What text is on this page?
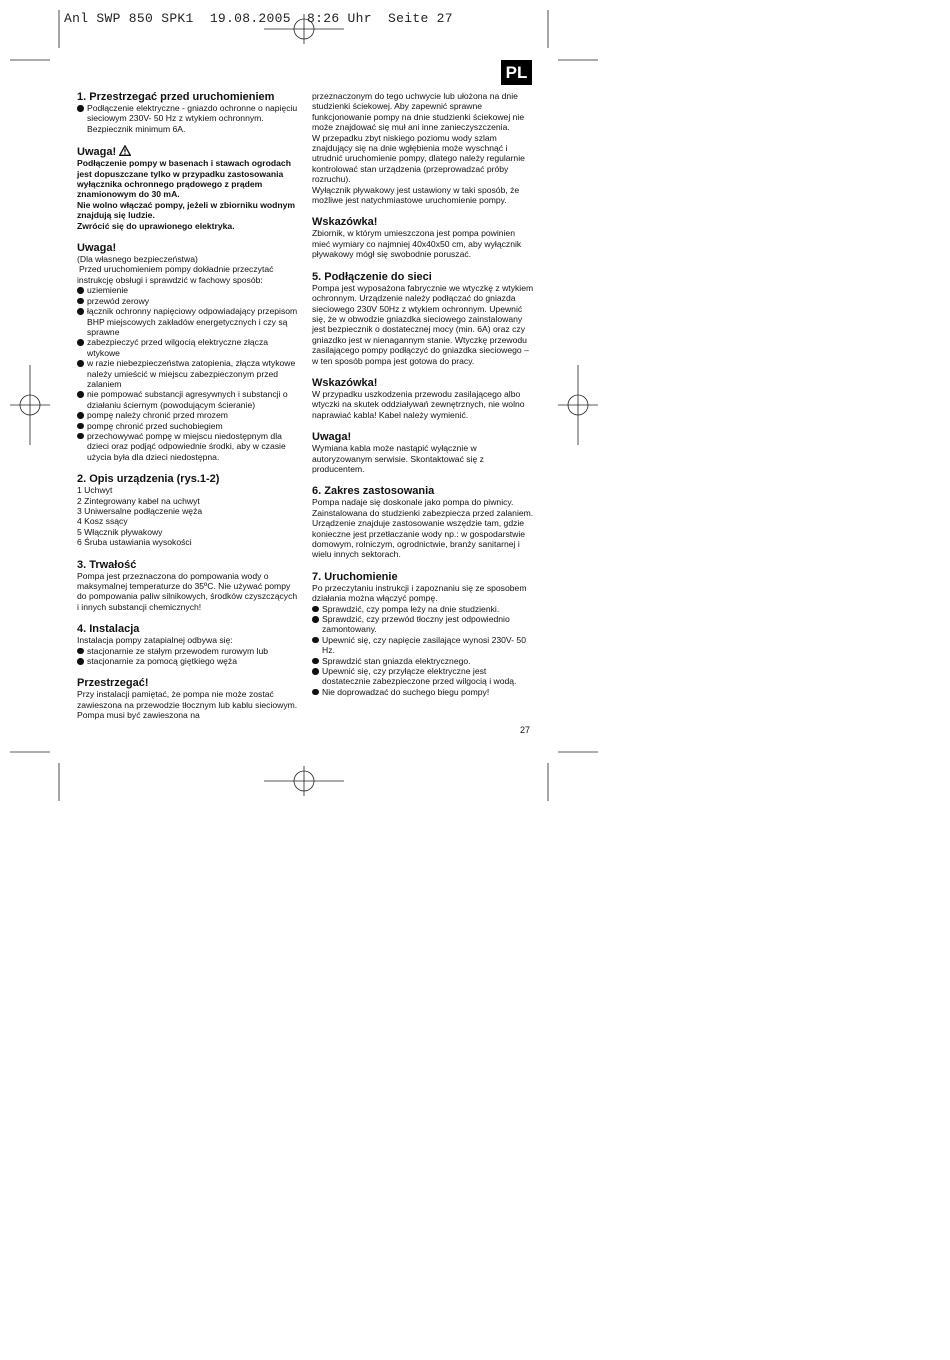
Anl SWP 850 SPK1  19.08.2005  8:26 Uhr  Seite 27
PL
1. Przestrzegać przed uruchomieniem
Podłączenie elektryczne - gniazdo ochronne o napięciu sieciowym 230V- 50 Hz z wtykiem ochronnym. Bezpiecznik minimum 6A.
Uwaga!

Podłączenie pompy w basenach i stawach ogrodach jest dopuszczane tylko w przypadku zastosowania wyłącznika ochronnego prądowego z prądem znamionowym do 30 mA.

Nie wolno włączać pompy, jeżeli w zbiorniku wodnym znajdują się ludzie.

Zwrócić się do uprawionego elektryka.

Uwaga!

(Dla własnego bezpieczeństwa)

Przed uruchomieniem pompy dokładnie przeczytać instrukcję obsługi i sprawdzić w fachowy sposób:

uziemienie
przewód zerowy
łącznik ochronny napięciowy odpowiadający przepisom BHP miejscowych zakładów energetycznych i czy są sprawne
zabezpieczyć przed wilgocią elektryczne złącza wtykowe
w razie niebezpieczeństwa zatopienia, złącza wtykowe należy umieścić w miejscu zabezpieczonym przed zalaniem
nie pompować substancji agresywnych i substancji o działaniu ściernym (powodującym ścieranie)
pompę należy chronić przed mrozem
pompę chronić przed suchobiegiem
przechowywać pompę w miejscu niedostępnym dla dzieci oraz podjąć odpowiednie środki, aby w czasie użycia była dla dzieci niedostępna.
2. Opis urządzenia (rys.1-2)

1 Uchwyt

2 Zintegrowany kabel na uchwyt

3 Uniwersalne podłączenie węża

4 Kosz ssący

5 Włącznik pływakowy

6 Śruba ustawiania wysokości

3. Trwałość

Pompa jest przeznaczona do pompowania wody o maksymalnej temperaturze do 35ºC. Nie używać pompy do pompowania paliw silnikowych, środków czyszczących i innych substancji chemicznych!

4. Instalacja

Instalacja pompy zatapialnej odbywa się:

stacjonarnie ze stałym przewodem rurowym lub
stacjonarnie za pomocą giętkiego węża
Przestrzegać!

Przy instalacji pamiętać, że pompa nie może zostać zawieszona na przewodzie tłocznym lub kablu sieciowym. Pompa musi być zawieszona na

przeznaczonym do tego uchwycie lub ułożona na dnie studzienki ściekowej. Aby zapewnić sprawne funkcjonowanie pompy na dnie studzienki ściekowej nie może znajdować się muł ani inne zanieczyszczenia.

W przepadku zbyt niskiego poziomu wody szlam znajdujący się na dnie wgłębienia może wyschnąć i utrudnić uruchomienie pompy, dlatego należy regularnie kontrolować stan urządzenia (przeprowadzać próby rozruchu).

Wyłącznik pływakowy jest ustawiony w taki sposób, że możliwe jest natychmiastowe uruchomienie pompy.

Wskazówka!

Zbiornik, w którym umieszczona jest pompa powinien mieć wymiary co najmniej 40x40x50 cm, aby wyłącznik pływakowy mógł się swobodnie poruszać.

5. Podłączenie do sieci

Pompa jest wyposażona fabrycznie we wtyczkę z wtykiem ochronnym. Urządzenie należy podłączać do gniazda sieciowego 230V 50Hz z wtykiem ochronnym. Upewnić się, że w obwodzie gniazdka sieciowego zainstalowany jest bezpiecznik o dostatecznej mocy (min. 6A) oraz czy gniazdko jest w nienagannym stanie. Wtyczkę przewodu zasilającego pompy podłączyć do gniazdka sieciowego – w ten sposób pompa jest gotowa do pracy.

Wskazówka!

W przypadku uszkodzenia przewodu zasilającego albo wtyczki na skutek oddziaływań zewnętrznych, nie wolno naprawiać kabla! Kabel należy wymienić.

Uwaga!

Wymiana kabla może nastąpić wyłącznie w autoryzowanym serwisie. Skontaktować się z producentem.

6. Zakres zastosowania

Pompa nadaje się doskonale jako pompa do piwnicy. Zainstalowana do studzienki zabezpiecza przed zalaniem. Urządzenie znajduje zastosowanie wszędzie tam, gdzie konieczne jest przetłaczanie wody np.: w gospodarstwie domowym, rolniczym, ogrodnictwie, branży sanitarnej i wielu innych sektorach.

7. Uruchomienie

Po przeczytaniu instrukcji i zapoznaniu się ze sposobem działania można włączyć pompę.

Sprawdzić, czy pompa leży na dnie studzienki.
Sprawdzić, czy przewód tłoczny jest odpowiednio zamontowany.
Upewnić się, czy napięcie zasilające wynosi 230V- 50 Hz.
Sprawdzić stan gniazda elektrycznego.
Upewnić się, czy przyłącze elektryczne jest dostatecznie zabezpieczone przed wilgocią i wodą.
Nie doprowadzać do suchego biegu pompy!
27
